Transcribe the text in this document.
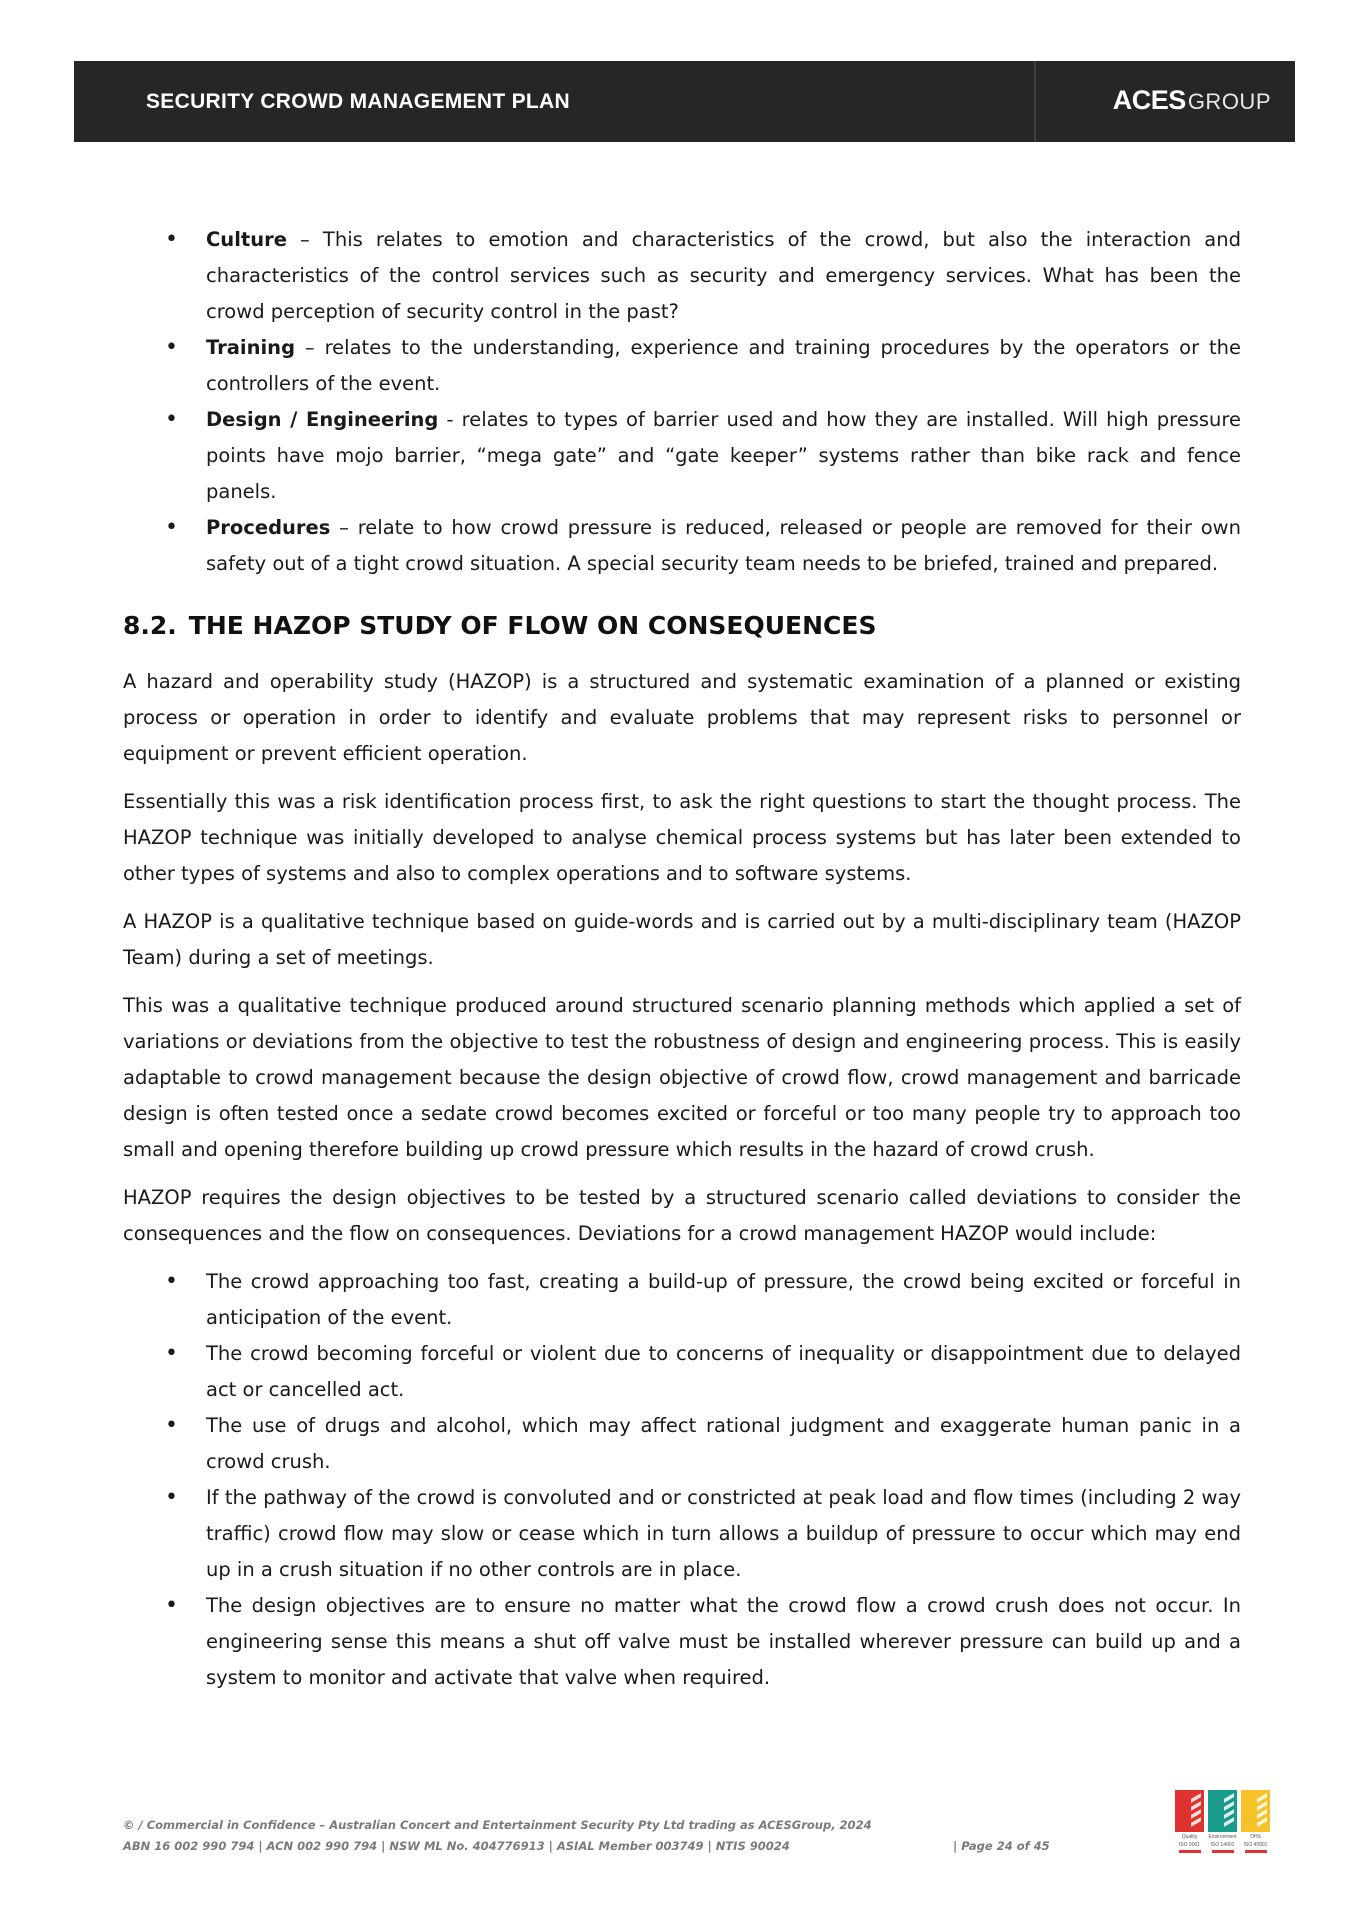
SECURITY CROWD MANAGEMENT PLAN	ACESGROUP
• Culture – This relates to emotion and characteristics of the crowd, but also the interaction and characteristics of the control services such as security and emergency services. What has been the crowd perception of security control in the past?
• Training – relates to the understanding, experience and training procedures by the operators or the controllers of the event.
• Design / Engineering - relates to types of barrier used and how they are installed. Will high pressure points have mojo barrier, “mega gate” and “gate keeper” systems rather than bike rack and fence panels.
• Procedures – relate to how crowd pressure is reduced, released or people are removed for their own safety out of a tight crowd situation. A special security team needs to be briefed, trained and prepared.
8.2. THE HAZOP STUDY OF FLOW ON CONSEQUENCES

A hazard and operability study (HAZOP) is a structured and systematic examination of a planned or existing process or operation in order to identify and evaluate problems that may represent risks to personnel or equipment or prevent efficient operation.

Essentially this was a risk identification process first, to ask the right questions to start the thought process. The HAZOP technique was initially developed to analyse chemical process systems but has later been extended to other types of systems and also to complex operations and to software systems.

A HAZOP is a qualitative technique based on guide-words and is carried out by a multi-disciplinary team (HAZOP Team) during a set of meetings.

This was a qualitative technique produced around structured scenario planning methods which applied a set of variations or deviations from the objective to test the robustness of design and engineering process. This is easily adaptable to crowd management because the design objective of crowd flow, crowd management and barricade design is often tested once a sedate crowd becomes excited or forceful or too many people try to approach too small and opening therefore building up crowd pressure which results in the hazard of crowd crush.

HAZOP requires the design objectives to be tested by a structured scenario called deviations to consider the consequences and the flow on consequences. Deviations for a crowd management HAZOP would include:

• The crowd approaching too fast, creating a build-up of pressure, the crowd being excited or forceful in anticipation of the event.
• The crowd becoming forceful or violent due to concerns of inequality or disappointment due to delayed act or cancelled act.
• The use of drugs and alcohol, which may affect rational judgment and exaggerate human panic in a crowd crush.
• If the pathway of the crowd is convoluted and or constricted at peak load and flow times (including 2 way traffic) crowd flow may slow or cease which in turn allows a buildup of pressure to occur which may end up in a crush situation if no other controls are in place.
• The design objectives are to ensure no matter what the crowd flow a crowd crush does not occur. In engineering sense this means a shut off valve must be installed wherever pressure can build up and a system to monitor and activate that valve when required.
© / Commercial in Confidence – Australian Concert and Entertainment Security Pty Ltd trading as ACESGroup, 2024
ABN 16 002 990 794 | ACN 002 990 794 | NSW ML No. 404776913 | ASIAL Member 003749 | NTIS 90024	| Page 24 of 45
Quality
ISO 9001
Environment
ISO 14001
OHS
ISO 45001
